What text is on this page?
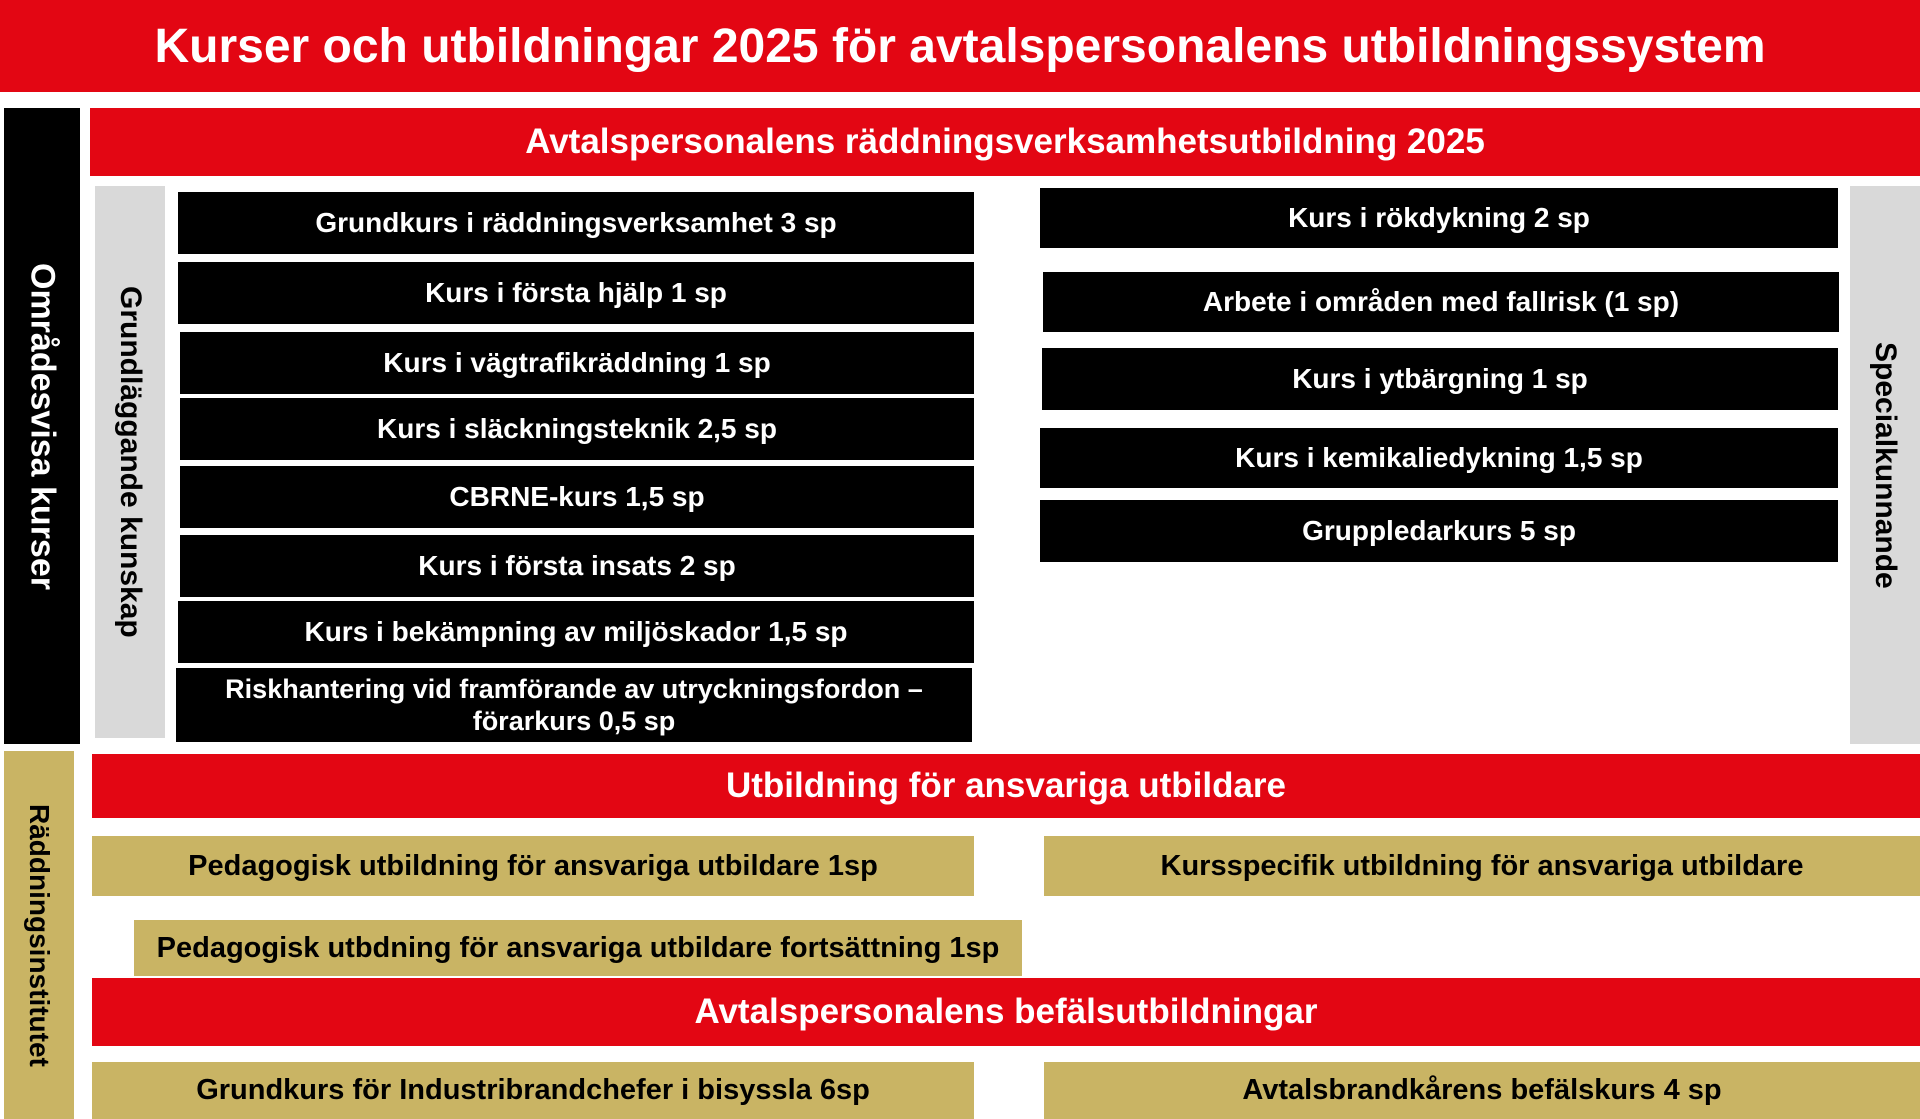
Kurser och utbildningar 2025 för avtalspersonalens utbildningssystem
Områdesvisa kurser
Räddningsinstitutet
Avtalspersonalens räddningsverksamhetsutbildning 2025
Grundläggande kunskap	Specialkunnande
Grundkurs i räddningsverksamhet 3 sp
Kurs i första hjälp 1 sp
Kurs i vägtrafikräddning 1 sp
Kurs i släckningsteknik 2,5 sp
CBRNE-kurs 1,5 sp
Kurs i första insats 2 sp
Kurs i bekämpning av miljöskador 1,5 sp
Riskhantering vid framförande av utryckningsfordon – förarkurs 0,5 sp
Kurs i rökdykning 2 sp
Arbete i områden med fallrisk (1 sp)
Kurs i ytbärgning 1 sp
Kurs i kemikaliedykning 1,5 sp
Gruppledarkurs 5 sp
Utbildning för ansvariga utbildare
Pedagogisk utbildning för ansvariga utbildare 1sp	Kursspecifik utbildning för ansvariga utbildare
Pedagogisk utbdning för ansvariga utbildare fortsättning 1sp
Avtalspersonalens befälsutbildningar
Grundkurs för Industribrandchefer i bisyssla 6sp	Avtalsbrandkårens befälskurs 4 sp
